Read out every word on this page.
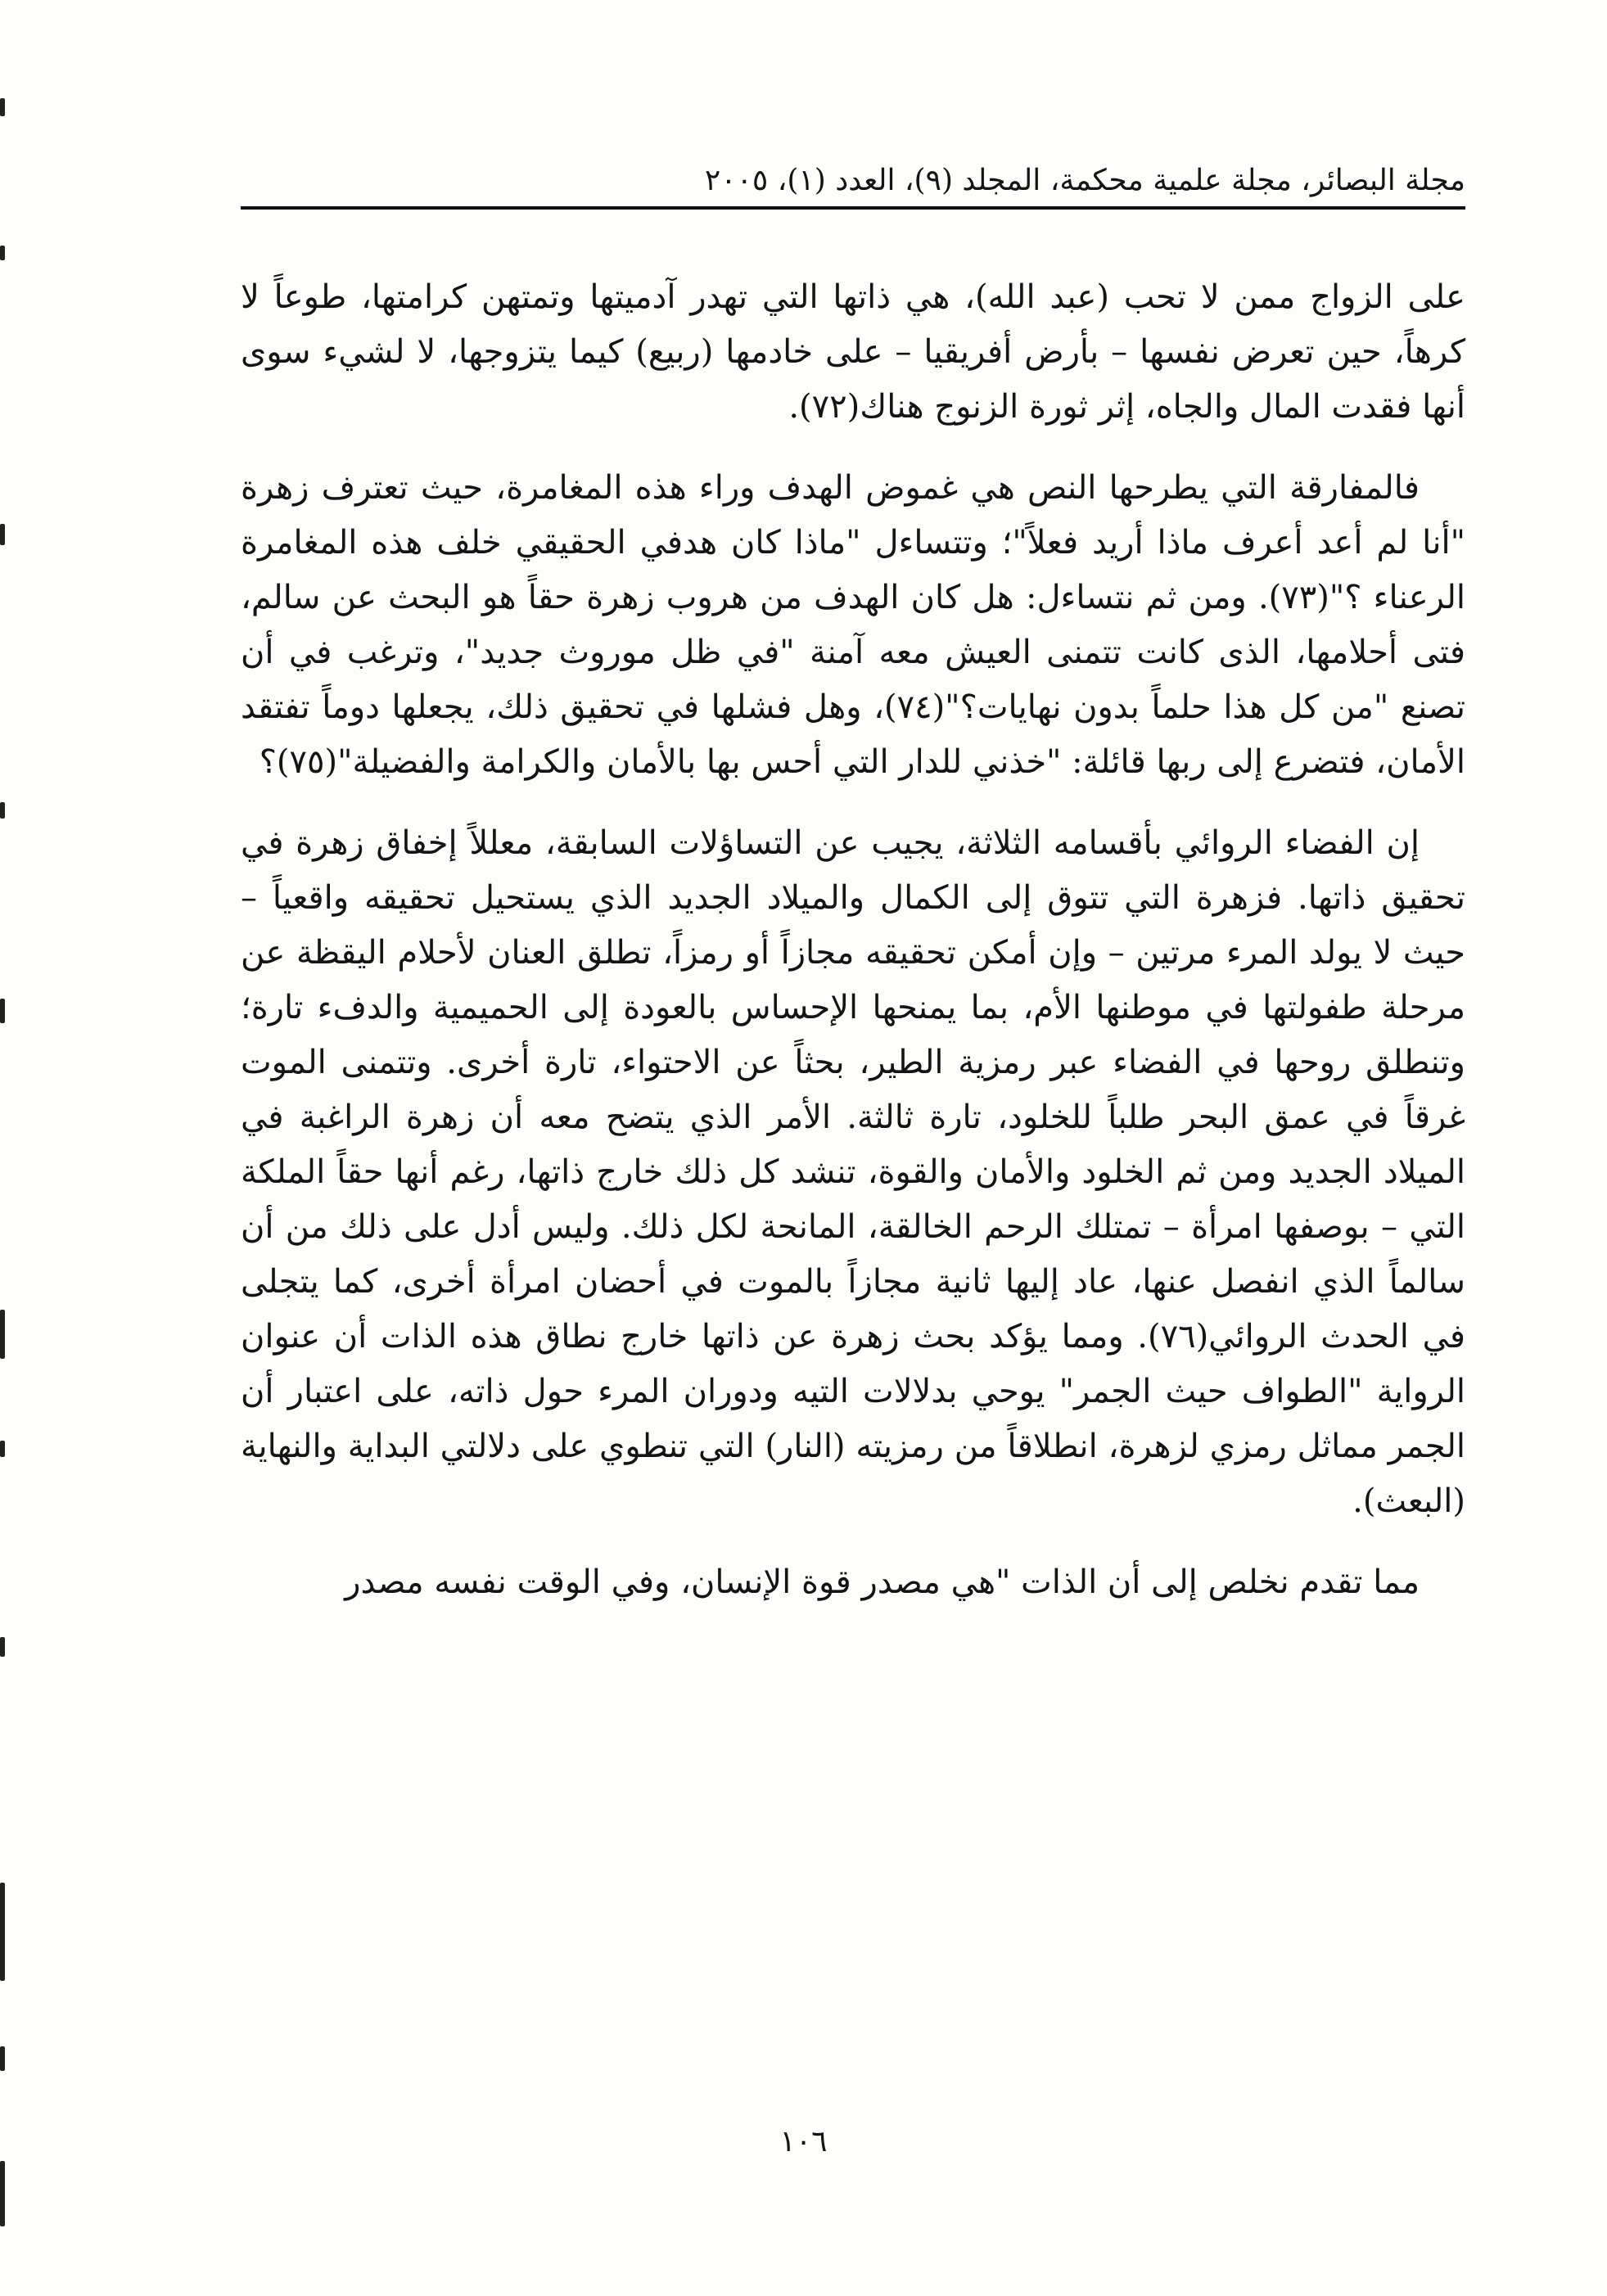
مجلة البصائر، مجلة علمية محكمة، المجلد (٩)، العدد (١)، ٢٠٠٥

على الزواج ممن لا تحب (عبد الله)، هي ذاتها التي تهدر آدميتها وتمتهن كرامتها، طوعاً لا كرهاً، حين تعرض نفسها – بأرض أفريقيا – على خادمها (ربيع) كيما يتزوجها، لا لشيء سوى أنها فقدت المال والجاه، إثر ثورة الزنوج هناك(٧٢).

فالمفارقة التي يطرحها النص هي غموض الهدف وراء هذه المغامرة، حيث تعترف زهرة "أنا لم أعد أعرف ماذا أريد فعلاً"؛ وتتساءل "ماذا كان هدفي الحقيقي خلف هذه المغامرة الرعناء ؟"(٧٣). ومن ثم نتساءل: هل كان الهدف من هروب زهرة حقاً هو البحث عن سالم، فتى أحلامها، الذى كانت تتمنى العيش معه آمنة "في ظل موروث جديد"، وترغب في أن تصنع "من كل هذا حلماً بدون نهايات؟"(٧٤)، وهل فشلها في تحقيق ذلك، يجعلها دوماً تفتقد الأمان، فتضرع إلى ربها قائلة: "خذني للدار التي أحس بها بالأمان والكرامة والفضيلة"(٧٥)؟

إن الفضاء الروائي بأقسامه الثلاثة، يجيب عن التساؤلات السابقة، معللاً إخفاق زهرة في تحقيق ذاتها. فزهرة التي تتوق إلى الكمال والميلاد الجديد الذي يستحيل تحقيقه واقعياً – حيث لا يولد المرء مرتين – وإن أمكن تحقيقه مجازاً أو رمزاً، تطلق العنان لأحلام اليقظة عن مرحلة طفولتها في موطنها الأم، بما يمنحها الإحساس بالعودة إلى الحميمية والدفء تارة؛ وتنطلق روحها في الفضاء عبر رمزية الطير، بحثاً عن الاحتواء، تارة أخرى. وتتمنى الموت غرقاً في عمق البحر طلباً للخلود، تارة ثالثة. الأمر الذي يتضح معه أن زهرة الراغبة في الميلاد الجديد ومن ثم الخلود والأمان والقوة، تنشد كل ذلك خارج ذاتها، رغم أنها حقاً الملكة التي – بوصفها امرأة – تمتلك الرحم الخالقة، المانحة لكل ذلك. وليس أدل على ذلك من أن سالماً الذي انفصل عنها، عاد إليها ثانية مجازاً بالموت في أحضان امرأة أخرى، كما يتجلى في الحدث الروائي(٧٦). ومما يؤكد بحث زهرة عن ذاتها خارج نطاق هذه الذات أن عنوان الرواية "الطواف حيث الجمر" يوحي بدلالات التيه ودوران المرء حول ذاته، على اعتبار أن الجمر مماثل رمزي لزهرة، انطلاقاً من رمزيته (النار) التي تنطوي على دلالتي البداية والنهاية (البعث).

مما تقدم نخلص إلى أن الذات "هي مصدر قوة الإنسان، وفي الوقت نفسه مصدر

١٠٦
